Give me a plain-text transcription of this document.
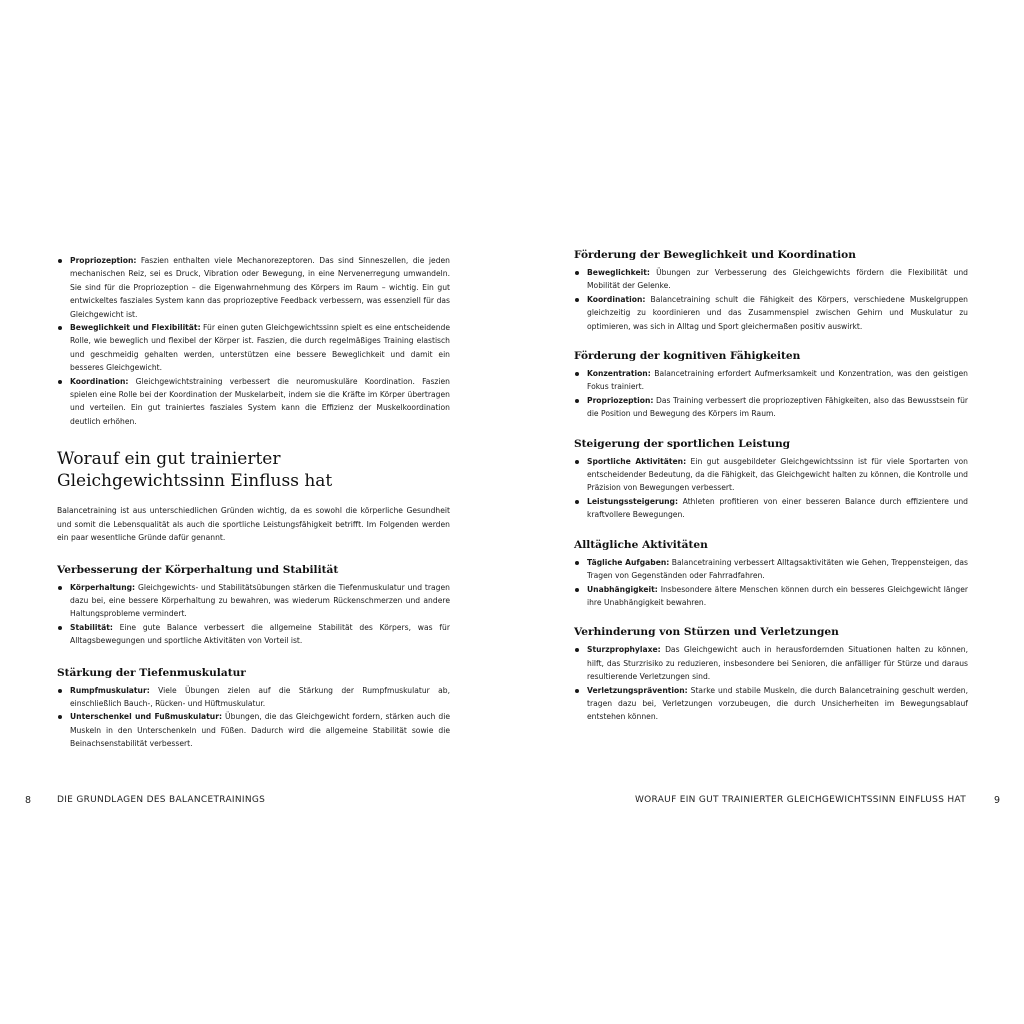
Propriozeption: Faszien enthalten viele Mechanorezeptoren. Das sind Sinneszellen, die jeden mechanischen Reiz, sei es Druck, Vibration oder Bewegung, in eine Nervenerregung umwandeln. Sie sind für die Propriozeption – die Eigenwahrnehmung des Körpers im Raum – wichtig. Ein gut entwickeltes fasziales System kann das propriozeptive Feedback verbessern, was essenziell für das Gleichgewicht ist.
Beweglichkeit und Flexibilität: Für einen guten Gleichgewichtssinn spielt es eine entscheidende Rolle, wie beweglich und flexibel der Körper ist. Faszien, die durch regelmäßiges Training elastisch und geschmeidig gehalten werden, unterstützen eine bessere Beweglichkeit und damit ein besseres Gleichgewicht.
Koordination: Gleichgewichtstraining verbessert die neuromuskuläre Koordination. Faszien spielen eine Rolle bei der Koordination der Muskelarbeit, indem sie die Kräfte im Körper übertragen und verteilen. Ein gut trainiertes fasziales System kann die Effizienz der Muskelkoordination deutlich erhöhen.
Worauf ein gut trainierter
Gleichgewichtssinn Einfluss hat

Balancetraining ist aus unterschiedlichen Gründen wichtig, da es sowohl die körperliche Gesundheit und somit die Lebensqualität als auch die sportliche Leistungsfähigkeit betrifft. Im Folgenden werden ein paar wesentliche Gründe dafür genannt.

Verbesserung der Körperhaltung und Stabilität
Körperhaltung: Gleichgewichts- und Stabilitätsübungen stärken die Tiefenmuskulatur und tragen dazu bei, eine bessere Körperhaltung zu bewahren, was wiederum Rückenschmerzen und andere Haltungsprobleme vermindert.
Stabilität: Eine gute Balance verbessert die allgemeine Stabilität des Körpers, was für Alltagsbewegungen und sportliche Aktivitäten von Vorteil ist.
Stärkung der Tiefenmuskulatur
Rumpfmuskulatur: Viele Übungen zielen auf die Stärkung der Rumpfmuskulatur ab, einschließlich Bauch-, Rücken- und Hüftmuskulatur.
Unterschenkel und Fußmuskulatur: Übungen, die das Gleichgewicht fordern, stärken auch die Muskeln in den Unterschenkeln und Füßen. Dadurch wird die allgemeine Stabilität sowie die Beinachsenstabilität verbessert.
8	DIE GRUNDLAGEN DES BALANCETRAININGS
Förderung der Beweglichkeit und Koordination
Beweglichkeit: Übungen zur Verbesserung des Gleichgewichts fördern die Flexibilität und Mobilität der Gelenke.
Koordination: Balancetraining schult die Fähigkeit des Körpers, verschiedene Muskelgruppen gleichzeitig zu koordinieren und das Zusammenspiel zwischen Gehirn und Muskulatur zu optimieren, was sich in Alltag und Sport gleichermaßen positiv auswirkt.
Förderung der kognitiven Fähigkeiten
Konzentration: Balancetraining erfordert Aufmerksamkeit und Konzentration, was den geistigen Fokus trainiert.
Propriozeption: Das Training verbessert die propriozeptiven Fähigkeiten, also das Bewusstsein für die Position und Bewegung des Körpers im Raum.
Steigerung der sportlichen Leistung
Sportliche Aktivitäten: Ein gut ausgebildeter Gleichgewichtssinn ist für viele Sportarten von entscheidender Bedeutung, da die Fähigkeit, das Gleichgewicht halten zu können, die Kontrolle und Präzision von Bewegungen verbessert.
Leistungssteigerung: Athleten profitieren von einer besseren Balance durch effizientere und kraftvollere Bewegungen.
Alltägliche Aktivitäten
Tägliche Aufgaben: Balancetraining verbessert Alltagsaktivitäten wie Gehen, Treppensteigen, das Tragen von Gegenständen oder Fahrradfahren.
Unabhängigkeit: Insbesondere ältere Menschen können durch ein besseres Gleichgewicht länger ihre Unabhängigkeit bewahren.
Verhinderung von Stürzen und Verletzungen
Sturzprophylaxe: Das Gleichgewicht auch in herausfordernden Situationen halten zu können, hilft, das Sturzrisiko zu reduzieren, insbesondere bei Senioren, die anfälliger für Stürze und daraus resultierende Verletzungen sind.
Verletzungsprävention: Starke und stabile Muskeln, die durch Balancetraining geschult werden, tragen dazu bei, Verletzungen vorzubeugen, die durch Unsicherheiten im Bewegungsablauf entstehen können.
WORAUF EIN GUT TRAINIERTER GLEICHGEWICHTSSINN EINFLUSS HAT	9
